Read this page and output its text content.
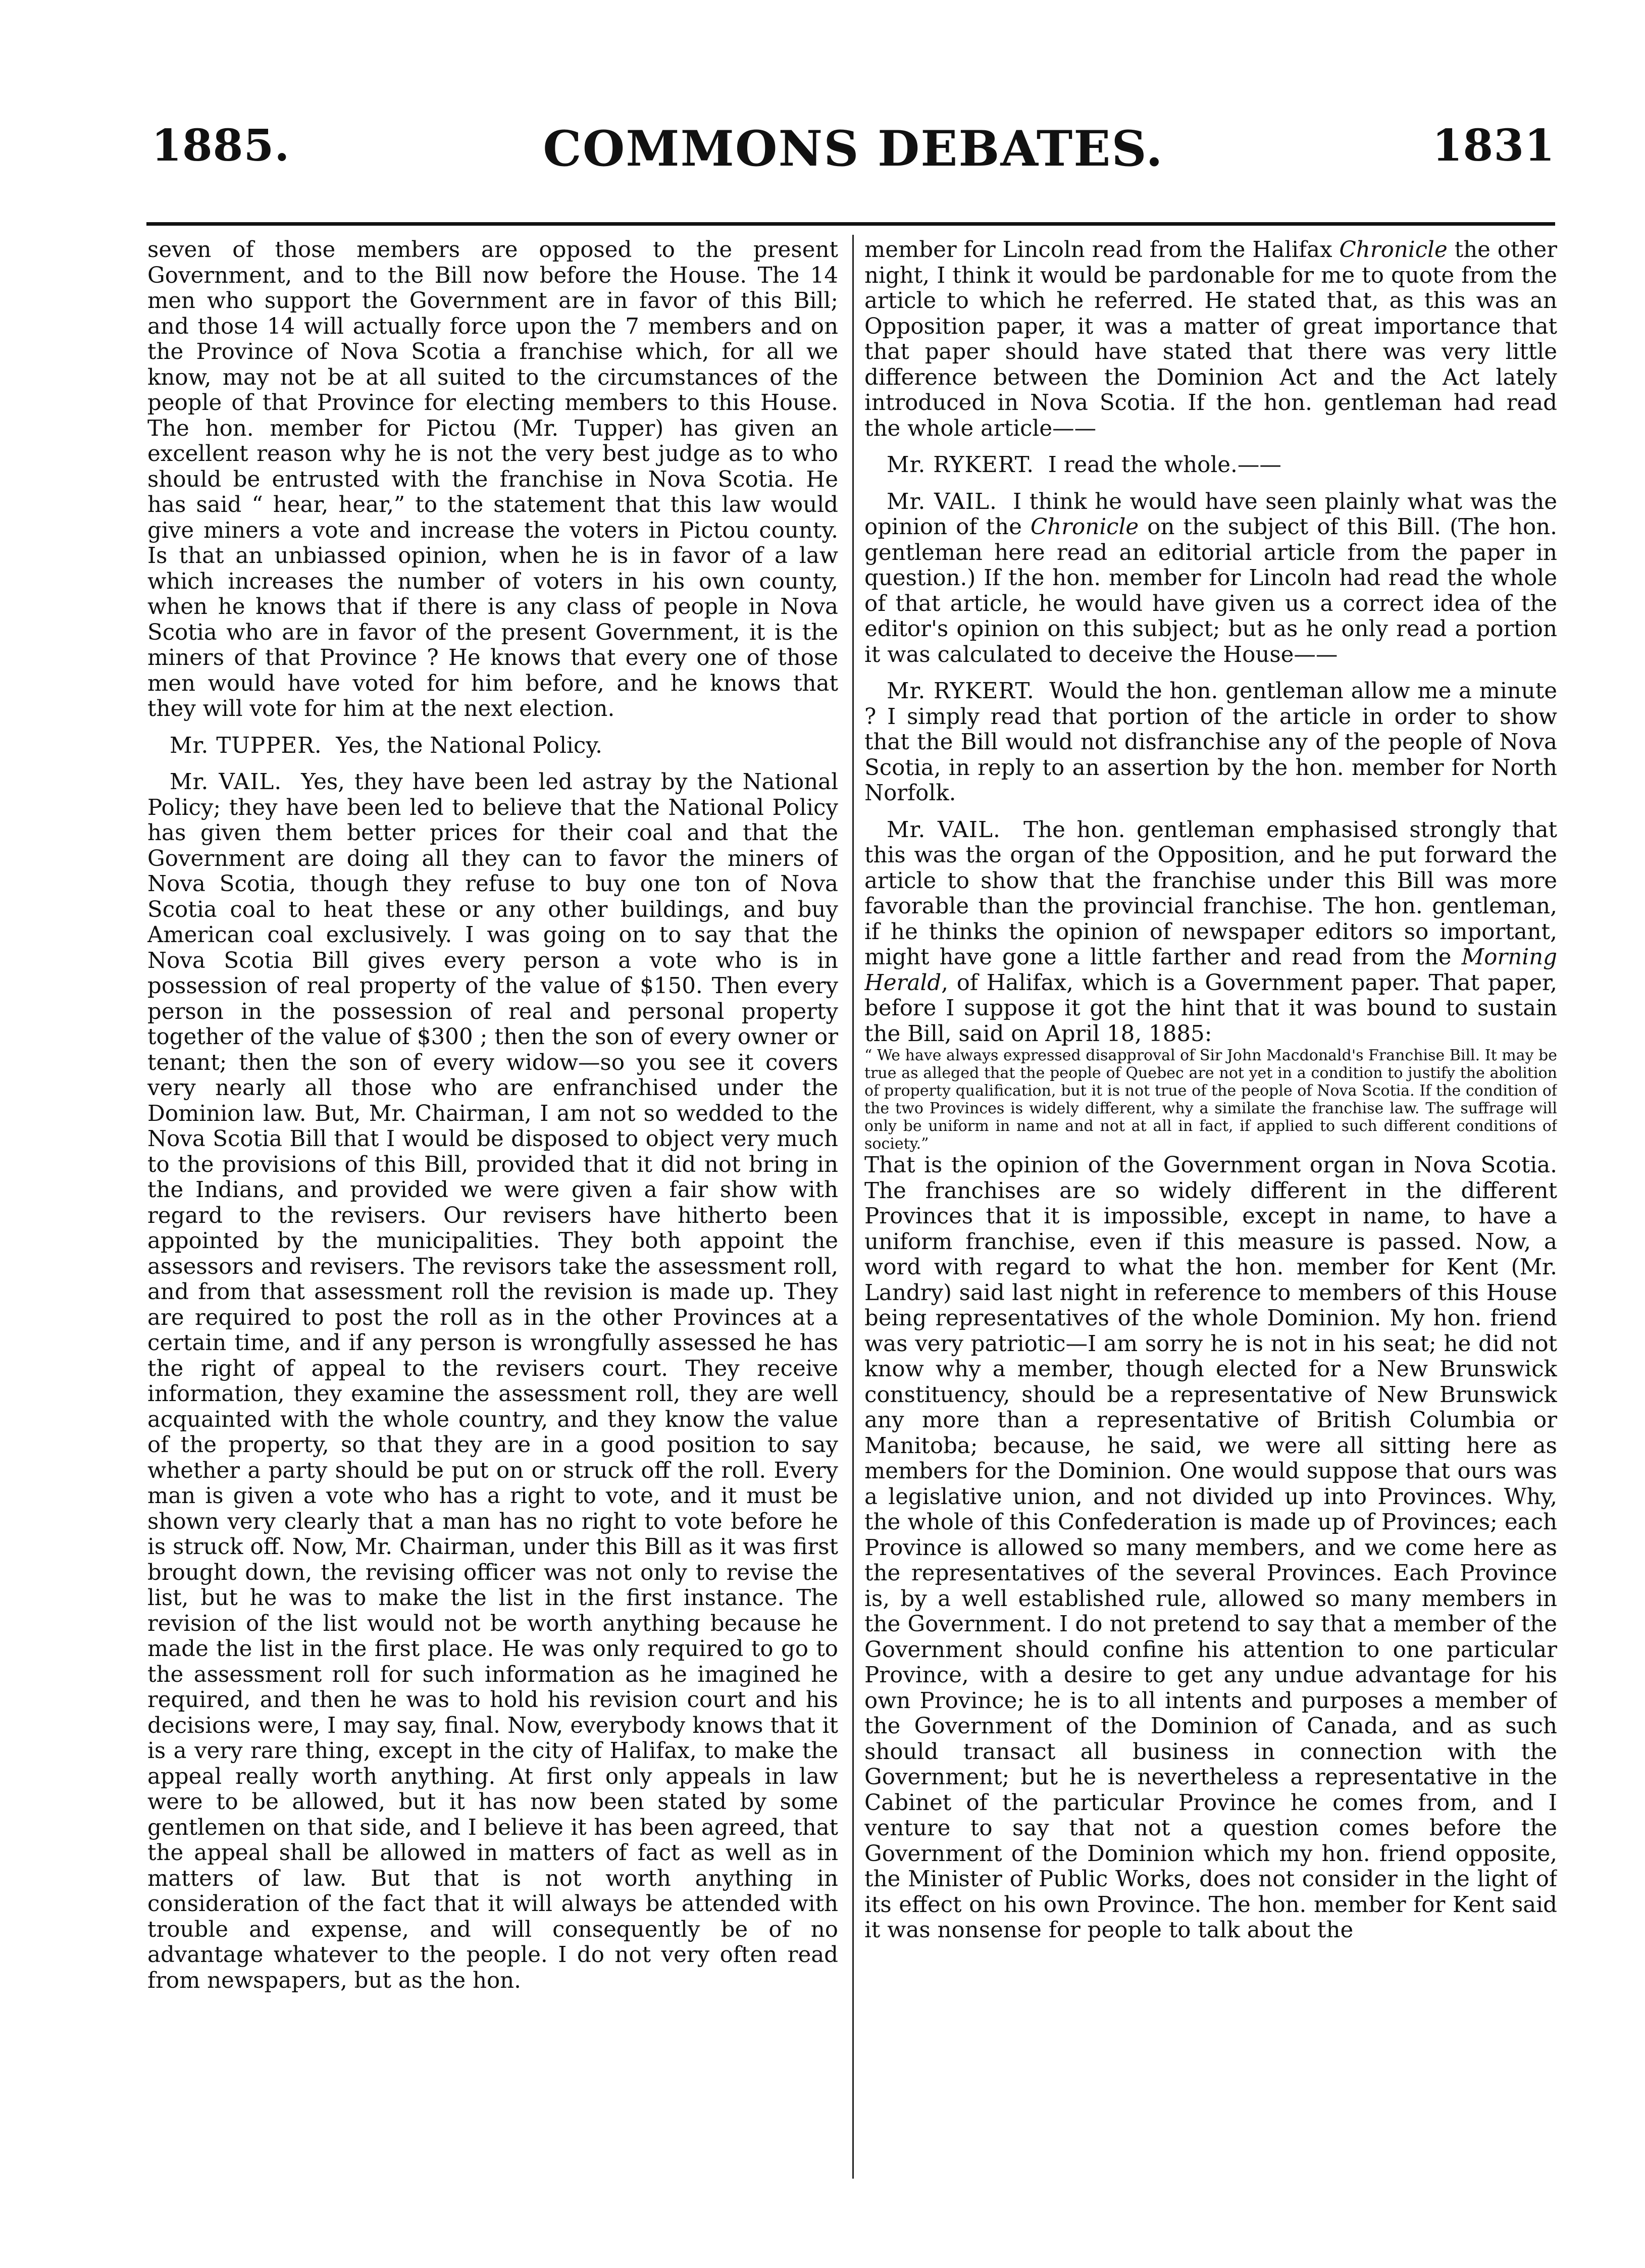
1885.	COMMONS DEBATES.	1831

seven of those members are opposed to the present Government, and to the Bill now before the House. The 14 men who support the Government are in favor of this Bill; and those 14 will actually force upon the 7 members and on the Province of Nova Scotia a franchise which, for all we know, may not be at all suited to the circumstances of the people of that Province for electing members to this House. The hon. member for Pictou (Mr. Tupper) has given an excellent reason why he is not the very best judge as to who should be entrusted with the franchise in Nova Scotia. He has said “ hear, hear,” to the statement that this law would give miners a vote and increase the voters in Pictou county. Is that an unbiassed opinion, when he is in favor of a law which increases the number of voters in his own county, when he knows that if there is any class of people in Nova Scotia who are in favor of the present Government, it is the miners of that Province ? He knows that every one of those men would have voted for him before, and he knows that they will vote for him at the next election.

Mr. TUPPER. Yes, the National Policy.

Mr. VAIL. Yes, they have been led astray by the National Policy; they have been led to believe that the National Policy has given them better prices for their coal and that the Government are doing all they can to favor the miners of Nova Scotia, though they refuse to buy one ton of Nova Scotia coal to heat these or any other buildings, and buy American coal exclusively. I was going on to say that the Nova Scotia Bill gives every person a vote who is in possession of real property of the value of $150. Then every person in the possession of real and personal property together of the value of $300 ; then the son of every owner or tenant; then the son of every widow—so you see it covers very nearly all those who are enfranchised under the Dominion law. But, Mr. Chairman, I am not so wedded to the Nova Scotia Bill that I would be disposed to object very much to the provisions of this Bill, provided that it did not bring in the Indians, and provided we were given a fair show with regard to the revisers. Our revisers have hitherto been appointed by the municipalities. They both appoint the assessors and revisers. The revisors take the assessment roll, and from that assessment roll the revision is made up. They are required to post the roll as in the other Provinces at a certain time, and if any person is wrongfully assessed he has the right of appeal to the revisers court. They receive information, they examine the assessment roll, they are well acquainted with the whole country, and they know the value of the property, so that they are in a good position to say whether a party should be put on or struck off the roll. Every man is given a vote who has a right to vote, and it must be shown very clearly that a man has no right to vote before he is struck off. Now, Mr. Chairman, under this Bill as it was first brought down, the revising officer was not only to revise the list, but he was to make the list in the first instance. The revision of the list would not be worth anything because he made the list in the first place. He was only required to go to the assessment roll for such information as he imagined he required, and then he was to hold his revision court and his decisions were, I may say, final. Now, everybody knows that it is a very rare thing, except in the city of Halifax, to make the appeal really worth anything. At first only appeals in law were to be allowed, but it has now been stated by some gentlemen on that side, and I believe it has been agreed, that the appeal shall be allowed in matters of fact as well as in matters of law. But that is not worth anything in consideration of the fact that it will always be attended with trouble and expense, and will consequently be of no advantage whatever to the people. I do not very often read from newspapers, but as the hon.

member for Lincoln read from the Halifax Chronicle the other night, I think it would be pardonable for me to quote from the article to which he referred. He stated that, as this was an Opposition paper, it was a matter of great importance that that paper should have stated that there was very little difference between the Dominion Act and the Act lately introduced in Nova Scotia. If the hon. gentleman had read the whole article——

Mr. RYKERT. I read the whole.——

Mr. VAIL. I think he would have seen plainly what was the opinion of the Chronicle on the subject of this Bill. (The hon. gentleman here read an editorial article from the paper in question.) If the hon. member for Lincoln had read the whole of that article, he would have given us a correct idea of the editor's opinion on this subject; but as he only read a portion it was calculated to deceive the House——

Mr. RYKERT. Would the hon. gentleman allow me a minute ? I simply read that portion of the article in order to show that the Bill would not disfranchise any of the people of Nova Scotia, in reply to an assertion by the hon. member for North Norfolk.

Mr. VAIL. The hon. gentleman emphasised strongly that this was the organ of the Opposition, and he put forward the article to show that the franchise under this Bill was more favorable than the provincial franchise. The hon. gentleman, if he thinks the opinion of newspaper editors so important, might have gone a little farther and read from the Morning Herald, of Halifax, which is a Government paper. That paper, before I suppose it got the hint that it was bound to sustain the Bill, said on April 18, 1885:

“ We have always expressed disapproval of Sir John Macdonald's Franchise Bill. It may be true as alleged that the people of Quebec are not yet in a condition to justify the abolition of property qualification, but it is not true of the people of Nova Scotia. If the condition of the two Provinces is widely different, why a similate the franchise law. The suffrage will only be uniform in name and not at all in fact, if applied to such different conditions of society.”

That is the opinion of the Government organ in Nova Scotia. The franchises are so widely different in the different Provinces that it is impossible, except in name, to have a uniform franchise, even if this measure is passed. Now, a word with regard to what the hon. member for Kent (Mr. Landry) said last night in reference to members of this House being representatives of the whole Dominion. My hon. friend was very patriotic—I am sorry he is not in his seat; he did not know why a member, though elected for a New Brunswick constituency, should be a representative of New Brunswick any more than a representative of British Columbia or Manitoba; because, he said, we were all sitting here as members for the Dominion. One would suppose that ours was a legislative union, and not divided up into Provinces. Why, the whole of this Confederation is made up of Provinces; each Province is allowed so many members, and we come here as the representatives of the several Provinces. Each Province is, by a well established rule, allowed so many members in the Government. I do not pretend to say that a member of the Government should confine his attention to one particular Province, with a desire to get any undue advantage for his own Province; he is to all intents and purposes a member of the Government of the Dominion of Canada, and as such should transact all business in connection with the Government; but he is nevertheless a representative in the Cabinet of the particular Province he comes from, and I venture to say that not a question comes before the Government of the Dominion which my hon. friend opposite, the Minister of Public Works, does not consider in the light of its effect on his own Province. The hon. member for Kent said it was nonsense for people to talk about the
